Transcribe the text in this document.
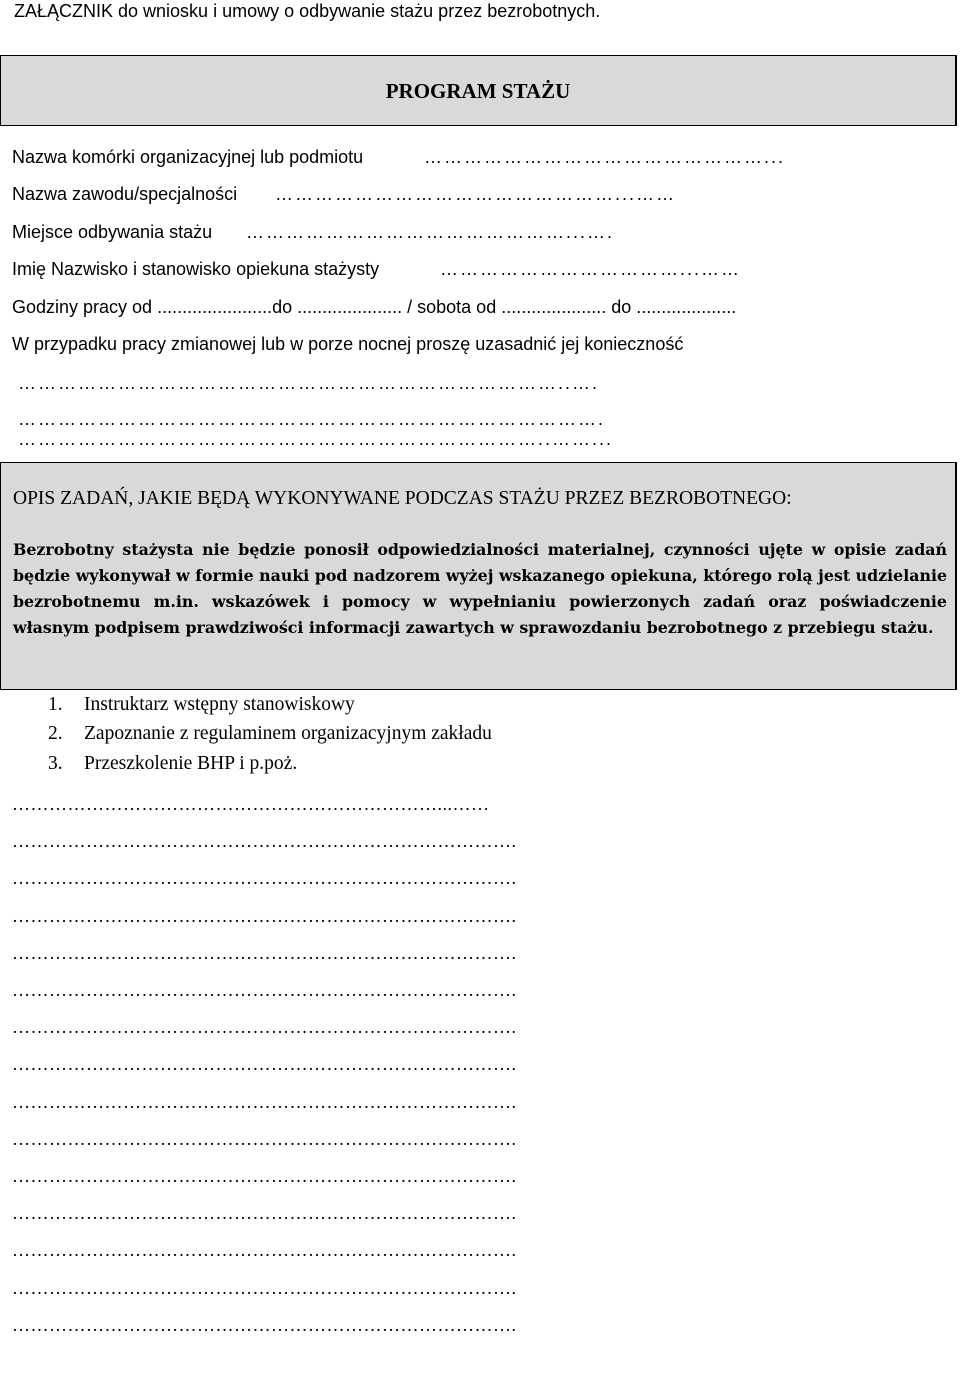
ZAŁĄCZNIK do wniosku i umowy o odbywanie stażu przez bezrobotnych.
PROGRAM STAŻU
Nazwa komórki organizacyjnej lub podmiotu	……………………………………………...
Nazwa zawodu/specjalności ……………………………………………...……
Miejsce odbywania stażu …………………………………………...….
Imię Nazwisko i stanowisko opiekuna stażysty	………………………………...……
Godziny pracy od .......................do ..................... / sobota od ..................... do ....................
W przypadku pracy zmianowej lub w porze nocnej proszę uzasadnić jej konieczność
………………………………………………………………………..….
…………………………………………………………………………….
……………………………………………………………………..……...
OPIS ZADAŃ, JAKIE BĘDĄ WYKONYWANE PODCZAS STAŻU PRZEZ BEZROBOTNEGO:
Bezrobotny stażysta nie będzie ponosił odpowiedzialności materialnej, czynności ujęte w opisie zadań będzie wykonywał w formie nauki pod nadzorem wyżej wskazanego opiekuna, którego rolą jest udzielanie bezrobotnemu m.in. wskazówek i pomocy w wypełnianiu powierzonych zadań oraz poświadczenie własnym podpisem prawdziwości informacji zawartych w sprawozdaniu bezrobotnego z przebiegu stażu.
1. Instruktarz wstępny stanowiskowy
2. Zapoznanie z regulaminem organizacyjnym zakładu
3. Przeszkolenie BHP i p.poż.
……………………………………………………………...……
……………………………………………………………………….
……………………………………………………………………….
……………………………………………………………………….
……………………………………………………………………….
……………………………………………………………………….
……………………………………………………………………….
……………………………………………………………………….
……………………………………………………………………….
……………………………………………………………………….
……………………………………………………………………….
……………………………………………………………………….
……………………………………………………………………….
……………………………………………………………………….
……………………………………………………………………….
